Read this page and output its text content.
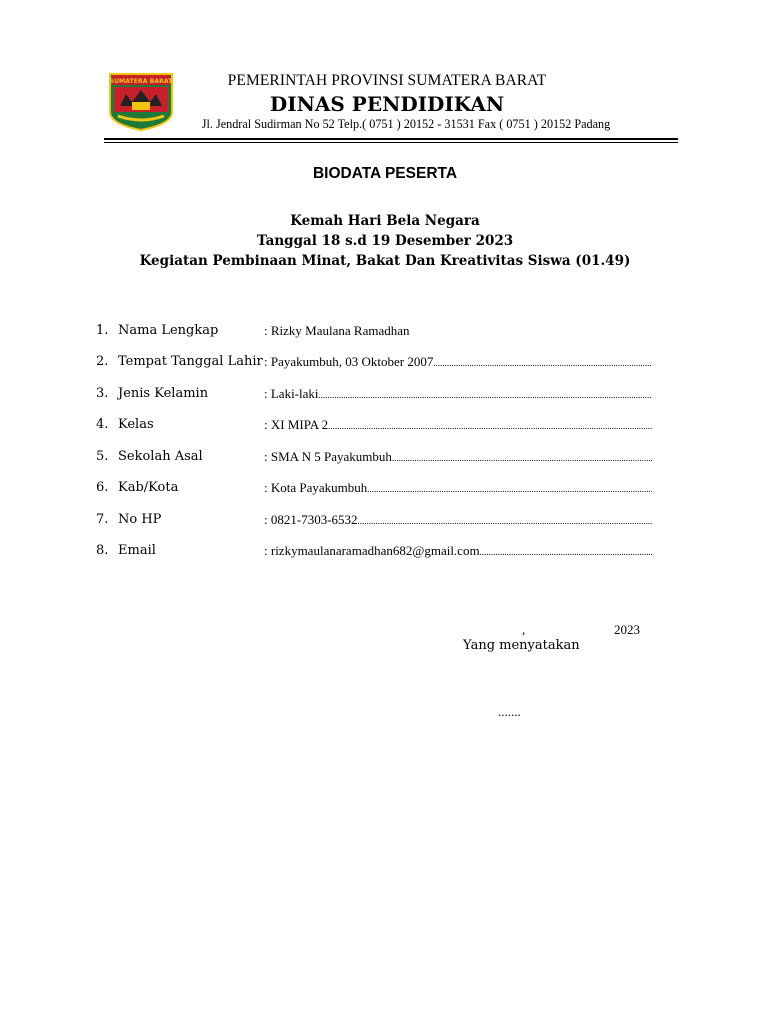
SUMATERA BARAT	PEMERINTAH PROVINSI SUMATERA BARAT
DINAS PENDIDIKAN
Jl. Jendral Sudirman No 52 Telp.( 0751 ) 20152 - 31531 Fax ( 0751 ) 20152 Padang
BIODATA PESERTA
Kemah Hari Bela Negara
Tanggal 18 s.d 19 Desember 2023
Kegiatan Pembinaan Minat, Bakat Dan Kreativitas Siswa (01.49)
1. Nama Lengkap	: Rizky Maulana Ramadhan
2. Tempat Tanggal Lahir : Payakumbuh, 03 Oktober 2007 .....
3. Jenis Kelamin	: Laki-laki .....
4. Kelas	: XI MIPA 2 .....
5. Sekolah Asal	: SMA N 5 Payakumbuh .....
6. Kab/Kota	: Kota Payakumbuh .....
7. No HP	: 0821-7303-6532 .....
8. Email	: rizkymaulanaramadhan682@gmail.com .....
,	2023
Yang menyatakan
.......
